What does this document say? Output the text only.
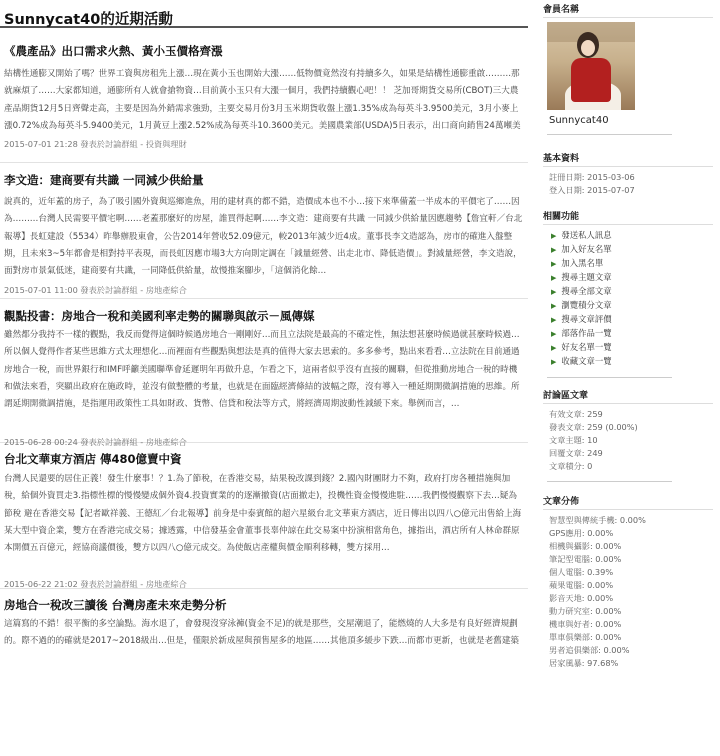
Sunnycat40的近期活動
《農產品》出口需求火熱、黃小玉價格齊漲
結構性通膨又開始了嗎？世界工資與房租先上漲…現在黃小玉也開始大漲……低物價竟然沒有持續多久，如果是結構性通膨重啟………那就麻煩了……大家都知道，通膨所有人就會搶物資…目前黃小玉只有大漲一個月，我們持續觀心吧！！ 芝加哥期貨交易所(CBOT)三大農產品期貨12月5日齊聲走高，主要是因為外銷需求強勁，主要交易月份3月玉米期貨收盤上漲1.35%成為每英斗3.9500美元，3月小麥上漲0.72%成為每英斗5.9400美元，1月黃豆上漲2.52%成為每英斗10.3600美元。美國農業部(USDA)5日表示，出口商向銷售24萬噸美
2015-07-01 21:28 發表於討論群組 - 投資與理財
李文造：建商要有共識 一同減少供給量
說真的，近年蓋的房子，為了吸引國外資與巡鄉進魚，用的建材真的都不錯，造價成本也不小…接下來準備蓋一半成本的平價宅了……因為………台灣人民需要平價宅啊……老蓋那麼好的房屋，誰買得起啊……李文造：建商要有共識 一同減少供給量因應趨勢【詹宜軒／台北報導】長虹建設（5534）昨舉辦股東會，公告2014年營收52.09億元，較2013年減少近4成。董事長李文造認為，房市的確進入盤整期，且未來3~5年都會是相對持平表現，而長虹因應市場3大方向則定調在「減量經營、出走北市、降低造價」。對減量經營，李文造說，面對房市景氣低迷，建商要有共識，一同降低供給量，故慢推案腳步，「這個消化餘…
2015-07-01 11:00 發表於討論群組 - 房地產綜合
觀點投書：房地合一稅和美國利率走勢的關聯與啟示－風傳媒
雖然都分我持不一樣的觀點，我反而覺得這個時候過房地合一剛剛好…而且立法院是最高的不確定性，無法想甚麼時候過就甚麼時候過…所以個人覺得作者某些思維方式太理想化…而裡面有些觀點與想法是真的值得大家去思索的。多多參考，點出來看看…立法院在目前通過房地合一稅，而世界銀行和IMF呼籲美國聯準會延遲明年再做升息，乍看之下，這兩者似乎沒有直接的關聯，但從推動房地合一稅的時機和做法來看，突顯出政府在施政時，並沒有做整體的考量，也就是在面臨經濟條結的波幅之際，沒有導入一種延期開微調措施的思維。所謂延期開微調措施，是指運用政策性工具如財政、貨幣、信貸和稅法等方式，將經濟周期波動性減緩下來。舉例而言，…
2015-06-28 00:24 發表於討論群組 - 房地產綜合
台北文華東方酒店 傳480億賣中資
台灣人民還要的居住正義！發生什麼事！？1.為了節稅，在香港交易，結果稅改課到錢？2.國內財團財力不夠，政府打房各種措施與加稅，給個外資買走3.指標性標的慢慢變成個外資4.投資實業的的逐漸撤資(店面撤走)，投機性資金慢慢進駐……我們慢慢觀察下去…疑為節稅 避在香港交易【記者歐祥義、王德紅／台北報導】前身是中泰賓館的超六星級台北文華東方酒店，近日傳出以四八○億元出售給上海某大型中資企業，雙方在香港完成交易；據透露，中信發基金會董事長辜仲諒在此交易案中扮演相當角色，據指出，酒店所有人林命群原本開價五百億元，經協商議價後，雙方以四八○億元成交。為使飯店產權與價金順利移轉，雙方採用…
2015-06-22 21:02 發表於討論群組 - 房地產綜合
房地合一稅改三讀後 台灣房產未來走勢分析
這篇寫的不錯！很平衡的多空論點。海水退了，會發現沒穿泳褲(資金不足)的就是那些，交屋潮退了，能燃燒的人大多是有良好經濟規劃的。際不過的的確就是2017~2018級出…但是，僅限於新成屋與預售屋多的地區……其他頂多緩步下跌…而都市更新，也就是老舊建築
會員名稱
Sunnycat40
基本資料
註冊日期: 2015-03-06
登入日期: 2015-07-07
相關功能
▶ 發送私人訊息
▶ 加入好友名單
▶ 加入黑名單
▶ 搜尋主題文章
▶ 搜尋全部文章
▶ 瀏覽積分文章
▶ 搜尋文章評價
▶ 部落作品一覽
▶ 好友名單一覽
▶ 收藏文章一覽
討論區文章
有效文章: 259
發表文章: 259 (0.00%)
文章主題: 10
回覆文章: 249
文章積分: 0
文章分佈
智慧型與傳統手機: 0.00%
GPS應用: 0.00%
相機與攝影: 0.00%
筆記型電腦: 0.00%
個人電腦: 0.39%
蘋果電腦: 0.00%
影音天地: 0.00%
動力研究室: 0.00%
機車與好者: 0.00%
單車俱樂部: 0.00%
男者追俱樂部: 0.00%
居家風暴: 97.68%
